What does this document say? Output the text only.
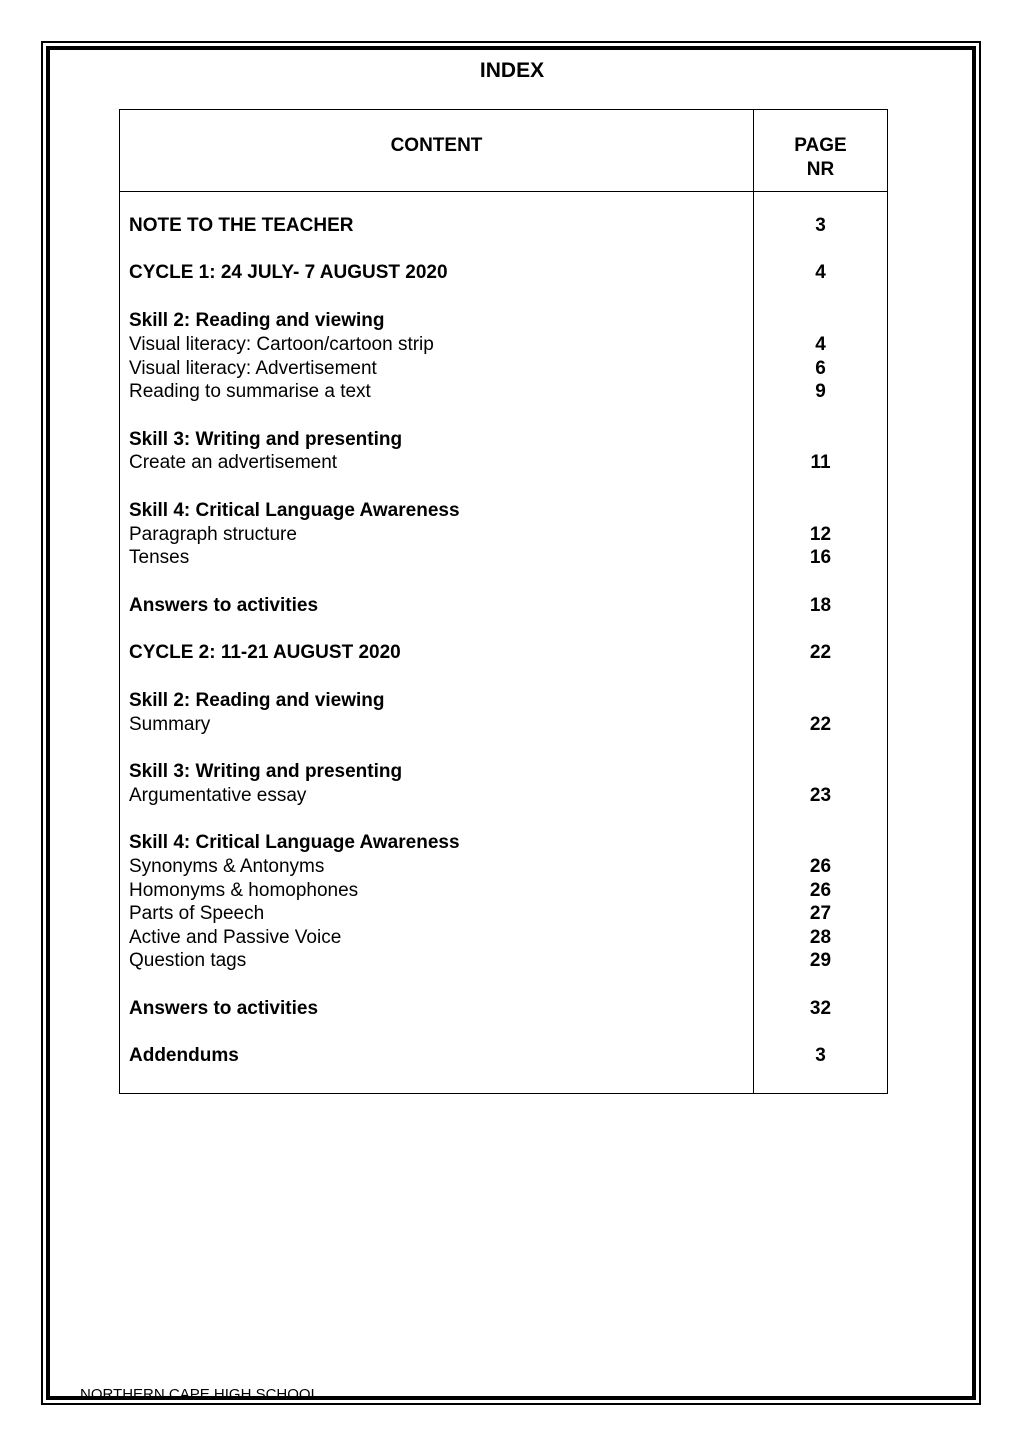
INDEX
CONTENT	PAGE
NR
NOTE TO THE TEACHER	3
CYCLE 1: 24 JULY- 7 AUGUST 2020	4
Skill 2: Reading and viewing
Visual literacy: Cartoon/cartoon strip	4
Visual literacy: Advertisement	6
Reading to summarise a text	9
Skill 3: Writing and presenting
Create an advertisement	11
Skill 4: Critical Language Awareness
Paragraph structure	12
Tenses	16
Answers to activities	18
CYCLE 2: 11-21 AUGUST 2020	22
Skill 2: Reading and viewing
Summary	22
Skill 3: Writing and presenting
Argumentative essay	23
Skill 4: Critical Language Awareness
Synonyms & Antonyms	26
Homonyms & homophones	26
Parts of Speech	27
Active and Passive Voice	28
Question tags	29
Answers to activities	32
Addendums	3
NORTHERN CAPE HIGH SCHOOL
